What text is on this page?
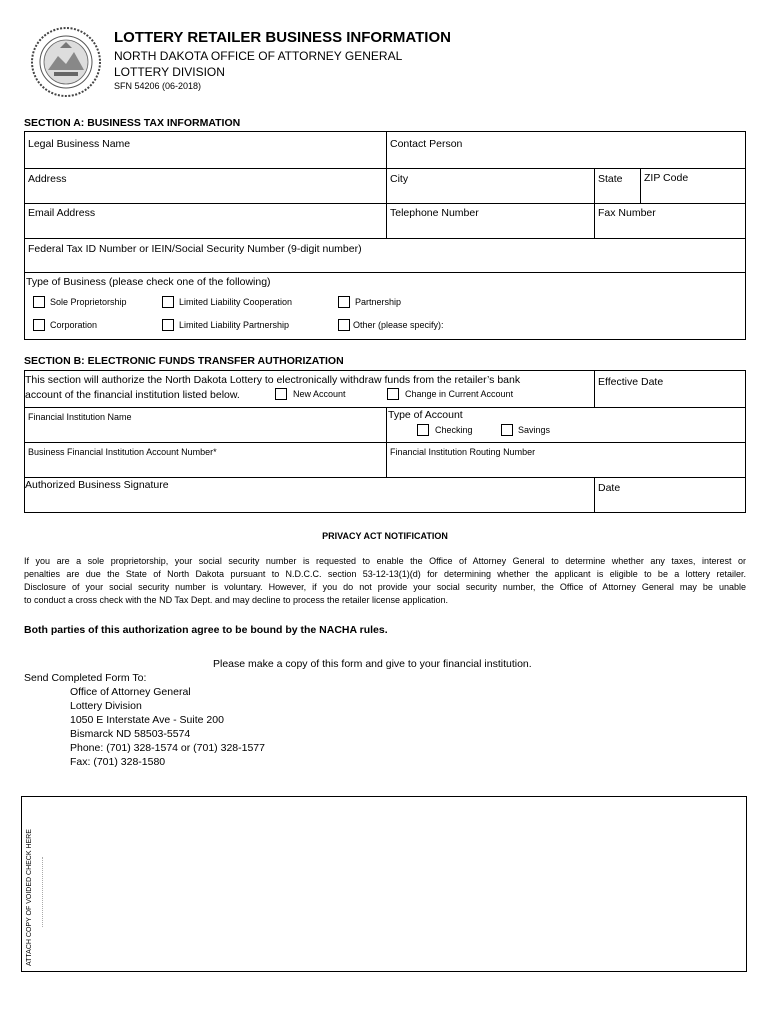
LOTTERY RETAILER BUSINESS INFORMATION
NORTH DAKOTA OFFICE OF ATTORNEY GENERAL
LOTTERY DIVISION
SFN 54206 (06-2018)
SECTION A: BUSINESS TAX INFORMATION
Legal Business Name	Contact Person
Address	City	State ZIP Code
Email Address	Telephone Number	Fax Number
Federal Tax ID Number or IEIN/Social Security Number (9-digit number)
Type of Business (please check one of the following)
Sole Proprietorship	Limited Liability Cooperation	Partnership
Corporation	Limited Liability Partnership	Other (please specify):
SECTION B: ELECTRONIC FUNDS TRANSFER AUTHORIZATION
This section will authorize the North Dakota Lottery to electronically withdraw funds from the retailer’s bank
account of the financial institution listed below.	New Account	Change in Current Account
Effective Date
Financial Institution Name	Type of Account
Checking	Savings
Business Financial Institution Account Number*	Financial Institution Routing Number
Authorized Business Signature	Date
PRIVACY ACT NOTIFICATION
If you are a sole proprietorship, your social security number is requested to enable the Office of Attorney General to determine whether any taxes, interest or
penalties are due the State of North Dakota pursuant to N.D.C.C. section 53-12-13(1)(d) for determining whether the applicant is eligible to be a lottery retailer.
Disclosure of your social security number is voluntary. However, if you do not provide your social security number, the Office of Attorney General may be unable
to conduct a cross check with the ND Tax Dept. and may decline to process the retailer license application.
Both parties of this authorization agree to be bound by the NACHA rules.
Please make a copy of this form and give to your financial institution.
Send Completed Form To:
Office of Attorney General
Lottery Division
1050 E Interstate Ave - Suite 200
Bismarck ND 58503-5574
Phone: (701) 328-1574 or (701) 328-1577
Fax: (701) 328-1580
ATTACH COPY OF VOIDED CHECK HERE
